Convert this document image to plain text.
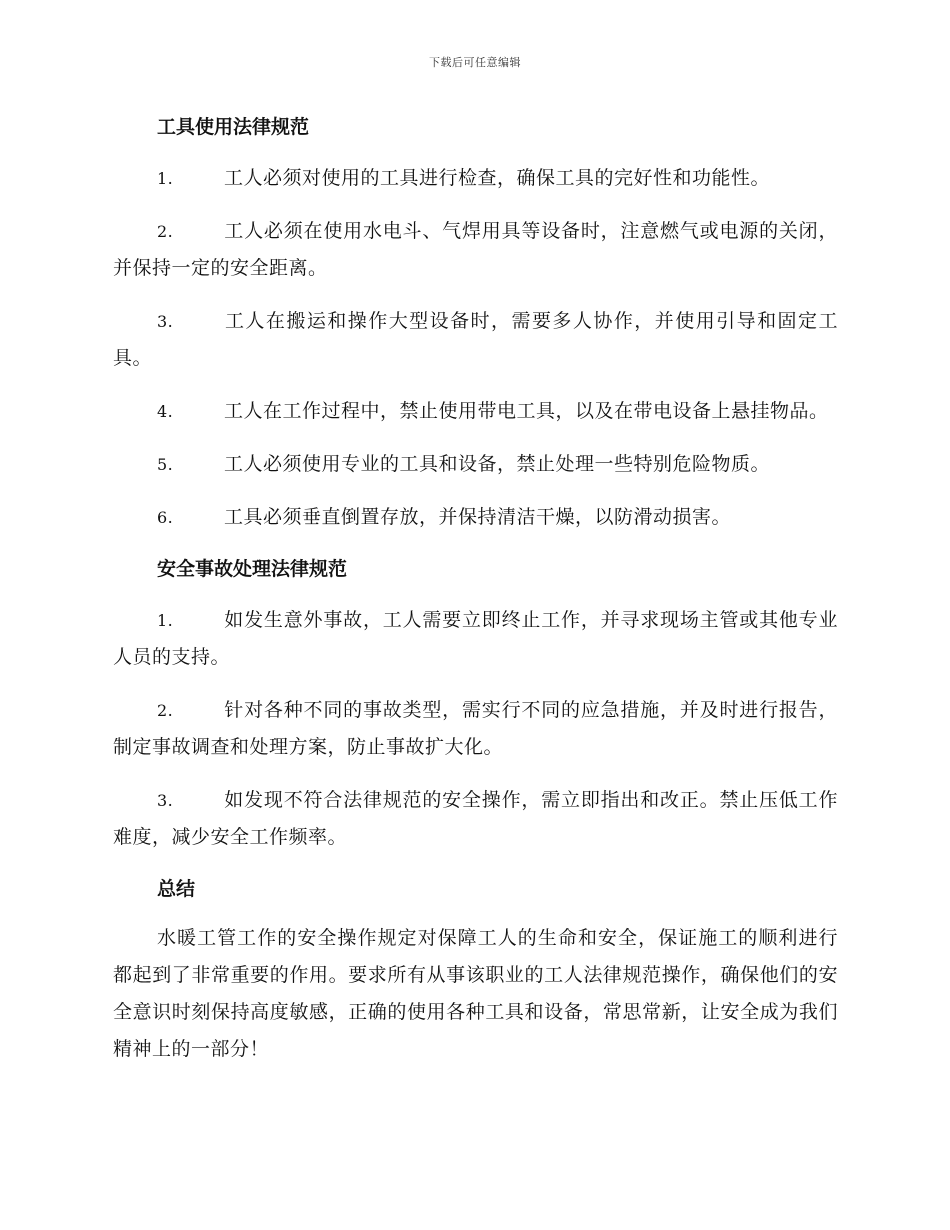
下载后可任意编辑
工具使用法律规范

1.	工人必须对使用的工具进行检查，确保工具的完好性和功能性。

2.	工人必须在使用水电斗、气焊用具等设备时，注意燃气或电源的关闭，并保持一定的安全距离。

3.	工人在搬运和操作大型设备时，需要多人协作，并使用引导和固定工具。

4.	工人在工作过程中，禁止使用带电工具，以及在带电设备上悬挂物品。

5.	工人必须使用专业的工具和设备，禁止处理一些特别危险物质。

6.	工具必须垂直倒置存放，并保持清洁干燥，以防滑动损害。

安全事故处理法律规范

1.	如发生意外事故，工人需要立即终止工作，并寻求现场主管或其他专业人员的支持。

2.	针对各种不同的事故类型，需实行不同的应急措施，并及时进行报告，制定事故调查和处理方案，防止事故扩大化。

3.	如发现不符合法律规范的安全操作，需立即指出和改正。禁止压低工作难度，减少安全工作频率。

总结

水暖工管工作的安全操作规定对保障工人的生命和安全，保证施工的顺利进行都起到了非常重要的作用。要求所有从事该职业的工人法律规范操作，确保他们的安全意识时刻保持高度敏感，正确的使用各种工具和设备，常思常新，让安全成为我们精神上的一部分！
